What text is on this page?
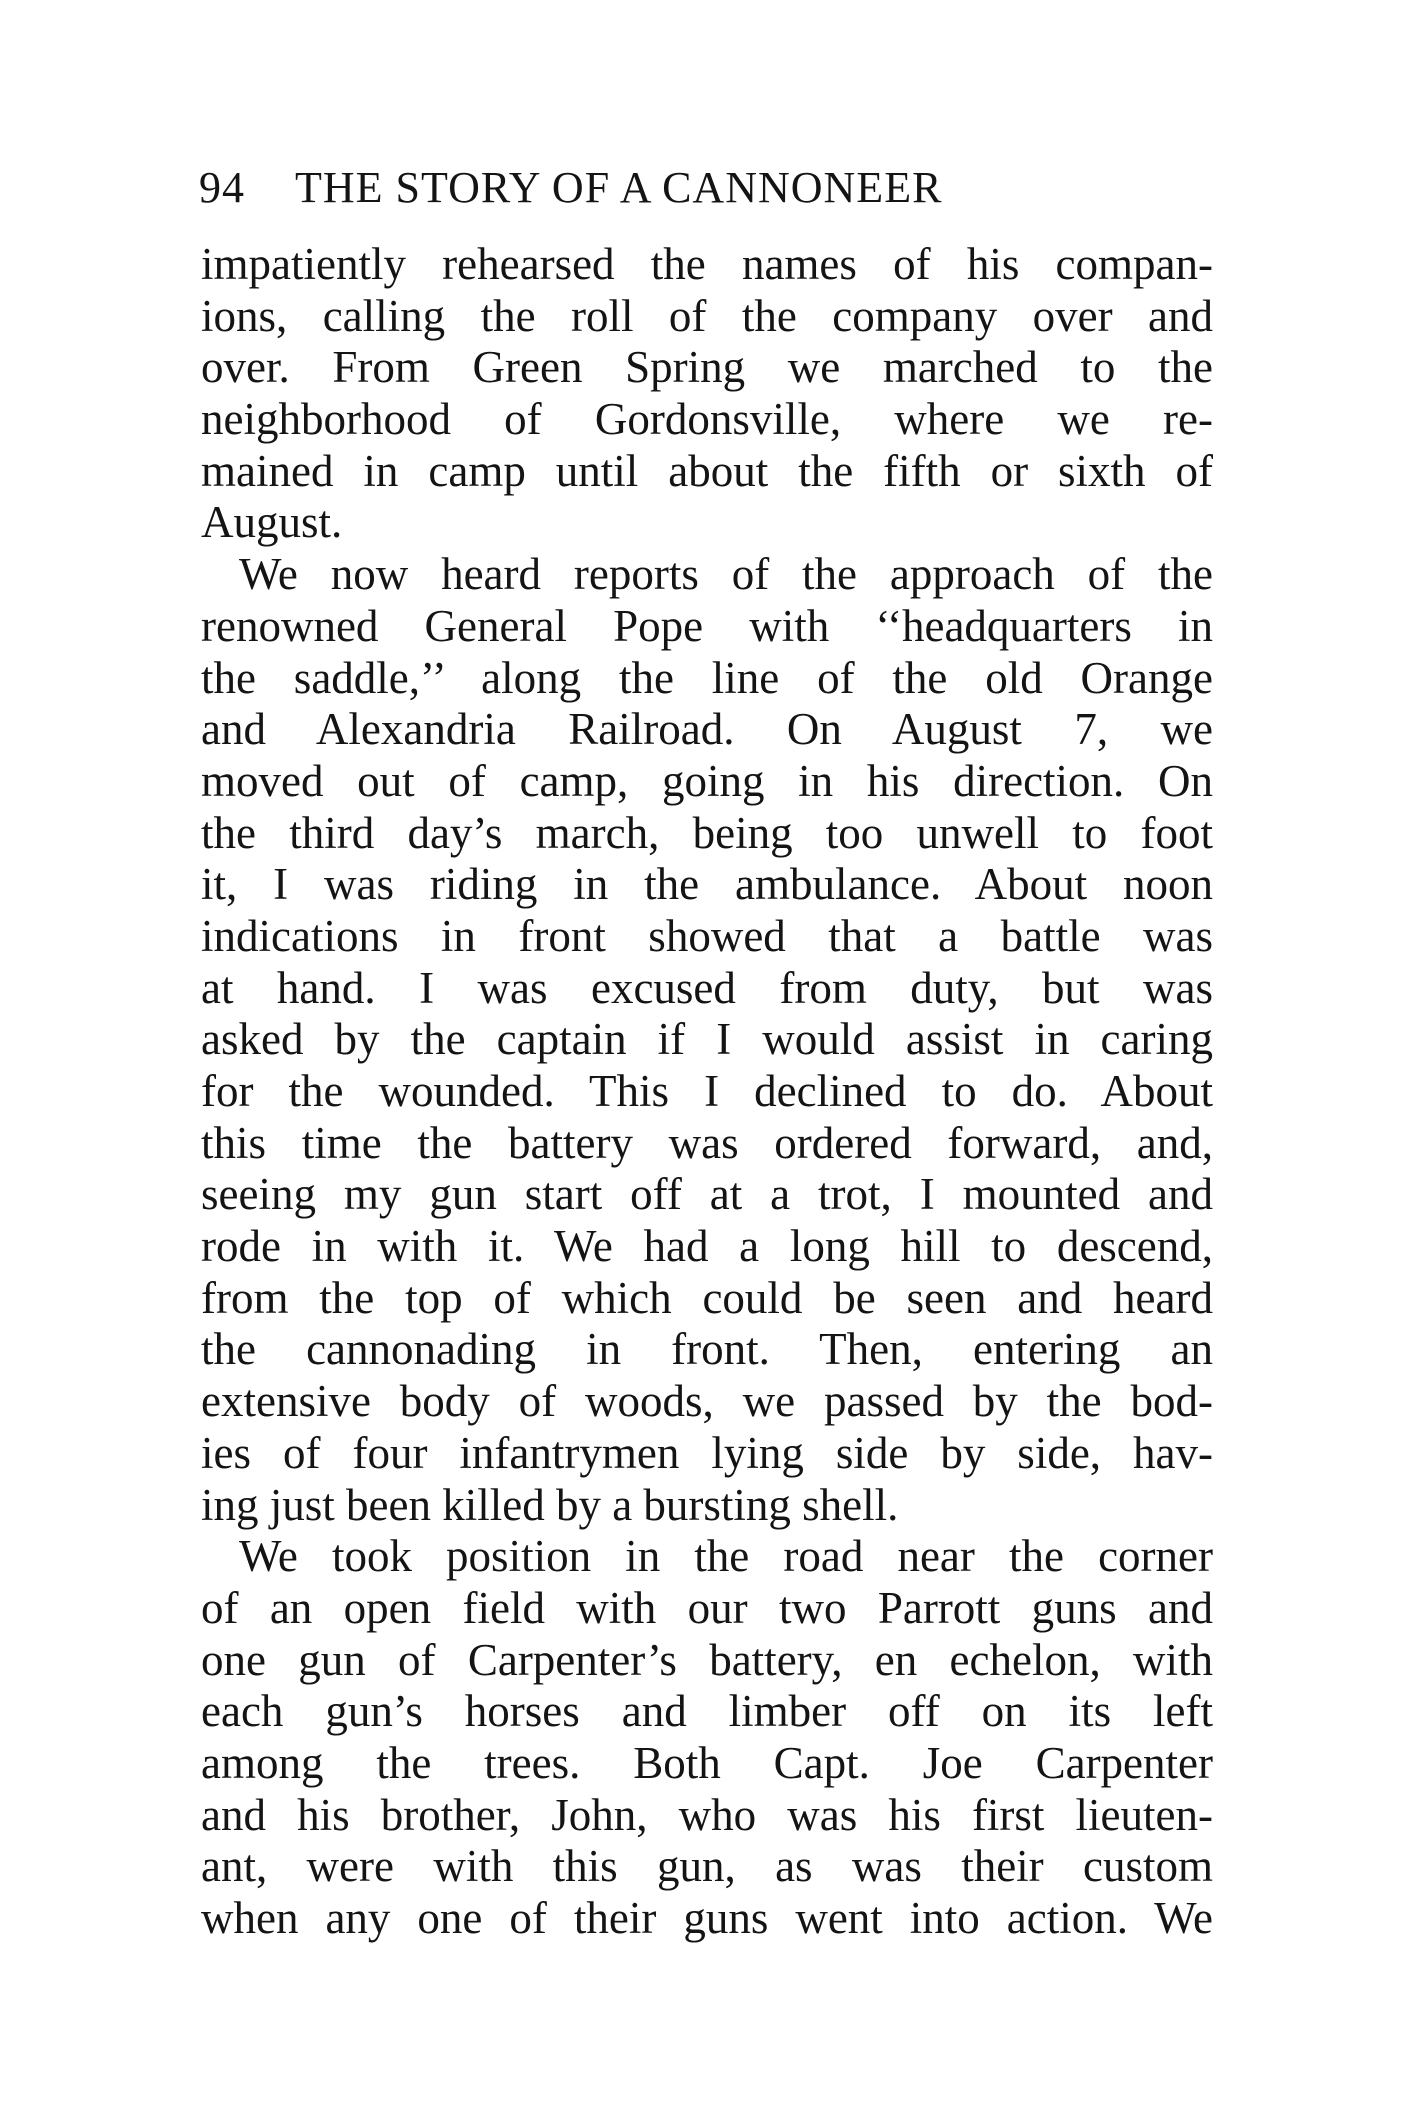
94 THE STORY OF A CANNONEER
impatiently rehearsed the names of his compan-
ions, calling the roll of the company over and
over. From Green Spring we marched to the
neighborhood of Gordonsville, where we re-
mained in camp until about the fifth or sixth of
August.
We now heard reports of the approach of the
renowned General Pope with ‘‘headquarters in
the saddle,’’ along the line of the old Orange
and Alexandria Railroad. On August 7, we
moved out of camp, going in his direction. On
the third day’s march, being too unwell to foot
it, I was riding in the ambulance. About noon
indications in front showed that a battle was
at hand. I was excused from duty, but was
asked by the captain if I would assist in caring
for the wounded. This I declined to do. About
this time the battery was ordered forward, and,
seeing my gun start off at a trot, I mounted and
rode in with it. We had a long hill to descend,
from the top of which could be seen and heard
the cannonading in front. Then, entering an
extensive body of woods, we passed by the bod-
ies of four infantrymen lying side by side, hav-
ing just been killed by a bursting shell.
We took position in the road near the corner
of an open field with our two Parrott guns and
one gun of Carpenter’s battery, en echelon, with
each gun’s horses and limber off on its left
among the trees. Both Capt. Joe Carpenter
and his brother, John, who was his first lieuten-
ant, were with this gun, as was their custom
when any one of their guns went into action. We
